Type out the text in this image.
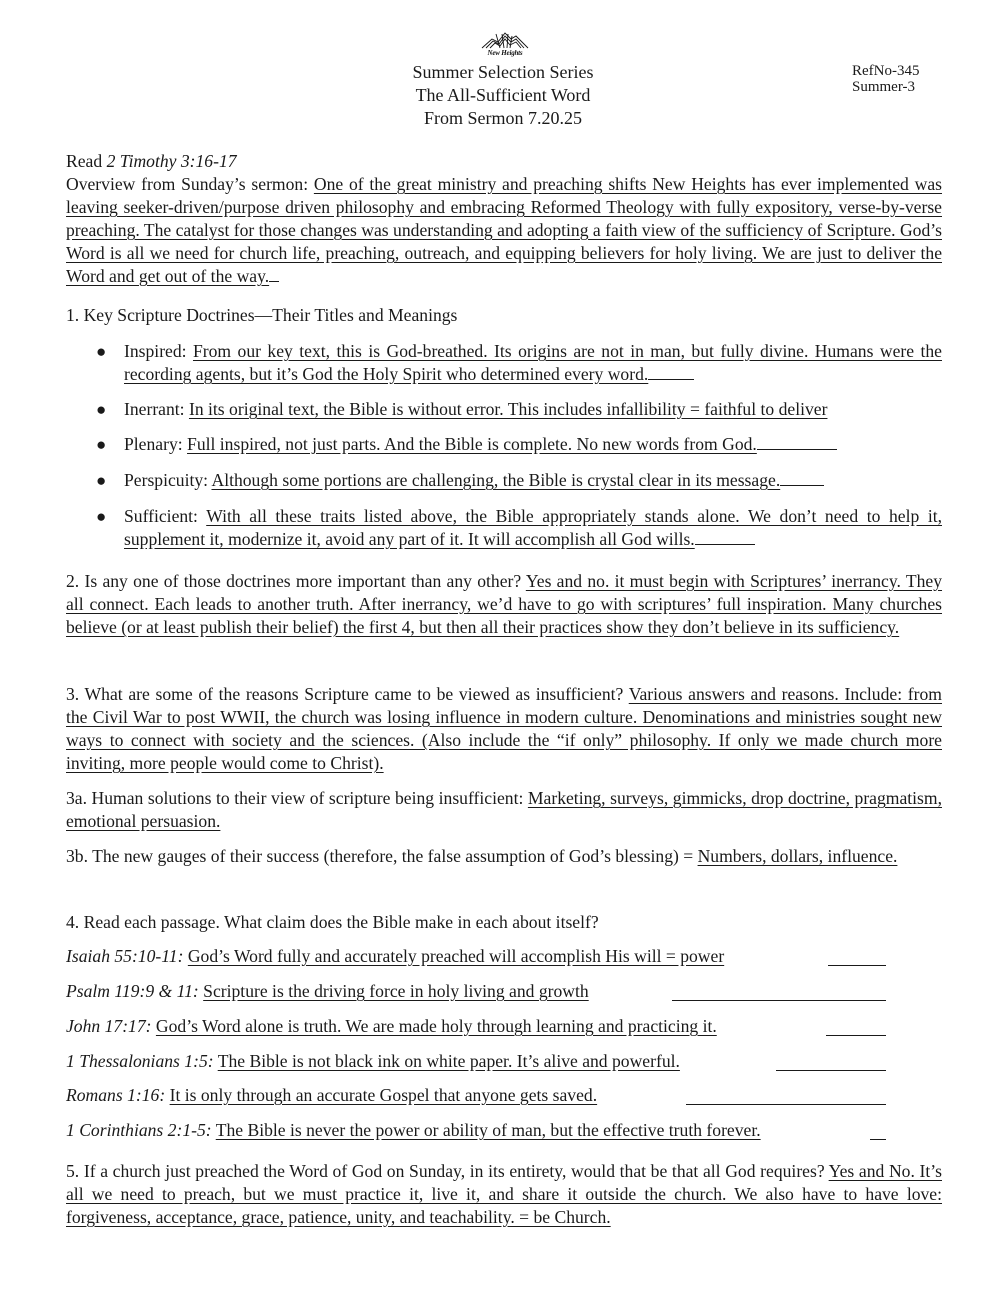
New Heights
Summer Selection Series
The All-Sufficient Word
From Sermon 7.20.25
RefNo-345
Summer-3
Read 2 Timothy 3:16-17
Overview from Sunday’s sermon: One of the great ministry and preaching shifts New Heights has ever implemented was leaving seeker-driven/purpose driven philosophy and embracing Reformed Theology with fully expository, verse-by-verse preaching. The catalyst for those changes was understanding and adopting a faith view of the sufficiency of Scripture. God’s Word is all we need for church life, preaching, outreach, and equipping believers for holy living. We are just to deliver the Word and get out of the way.
1. Key Scripture Doctrines—Their Titles and Meanings
● Inspired: From our key text, this is God-breathed. Its origins are not in man, but fully divine. Humans were the recording agents, but it’s God the Holy Spirit who determined every word.
● Inerrant: In its original text, the Bible is without error. This includes infallibility = faithful to deliver
● Plenary: Full inspired, not just parts. And the Bible is complete. No new words from God.
● Perspicuity: Although some portions are challenging, the Bible is crystal clear in its message.
● Sufficient: With all these traits listed above, the Bible appropriately stands alone. We don’t need to help it, supplement it, modernize it, avoid any part of it. It will accomplish all God wills.
2. Is any one of those doctrines more important than any other? Yes and no. it must begin with Scriptures’ inerrancy. They all connect. Each leads to another truth. After inerrancy, we’d have to go with scriptures’ full inspiration. Many churches believe (or at least publish their belief) the first 4, but then all their practices show they don’t believe in its sufficiency.
3. What are some of the reasons Scripture came to be viewed as insufficient? Various answers and reasons. Include: from the Civil War to post WWII, the church was losing influence in modern culture. Denominations and ministries sought new ways to connect with society and the sciences. (Also include the “if only” philosophy. If only we made church more inviting, more people would come to Christ).
3a. Human solutions to their view of scripture being insufficient: Marketing, surveys, gimmicks, drop doctrine, pragmatism, emotional persuasion.
3b. The new gauges of their success (therefore, the false assumption of God’s blessing) = Numbers, dollars, influence.
4. Read each passage. What claim does the Bible make in each about itself?
Isaiah 55:10-11: God’s Word fully and accurately preached will accomplish His will = power
Psalm 119:9 & 11: Scripture is the driving force in holy living and growth
John 17:17: God’s Word alone is truth. We are made holy through learning and practicing it.
1 Thessalonians 1:5: The Bible is not black ink on white paper. It’s alive and powerful.
Romans 1:16: It is only through an accurate Gospel that anyone gets saved.
1 Corinthians 2:1-5: The Bible is never the power or ability of man, but the effective truth forever.
5. If a church just preached the Word of God on Sunday, in its entirety, would that be that all God requires? Yes and No. It’s all we need to preach, but we must practice it, live it, and share it outside the church. We also have to have love: forgiveness, acceptance, grace, patience, unity, and teachability. = be Church.
